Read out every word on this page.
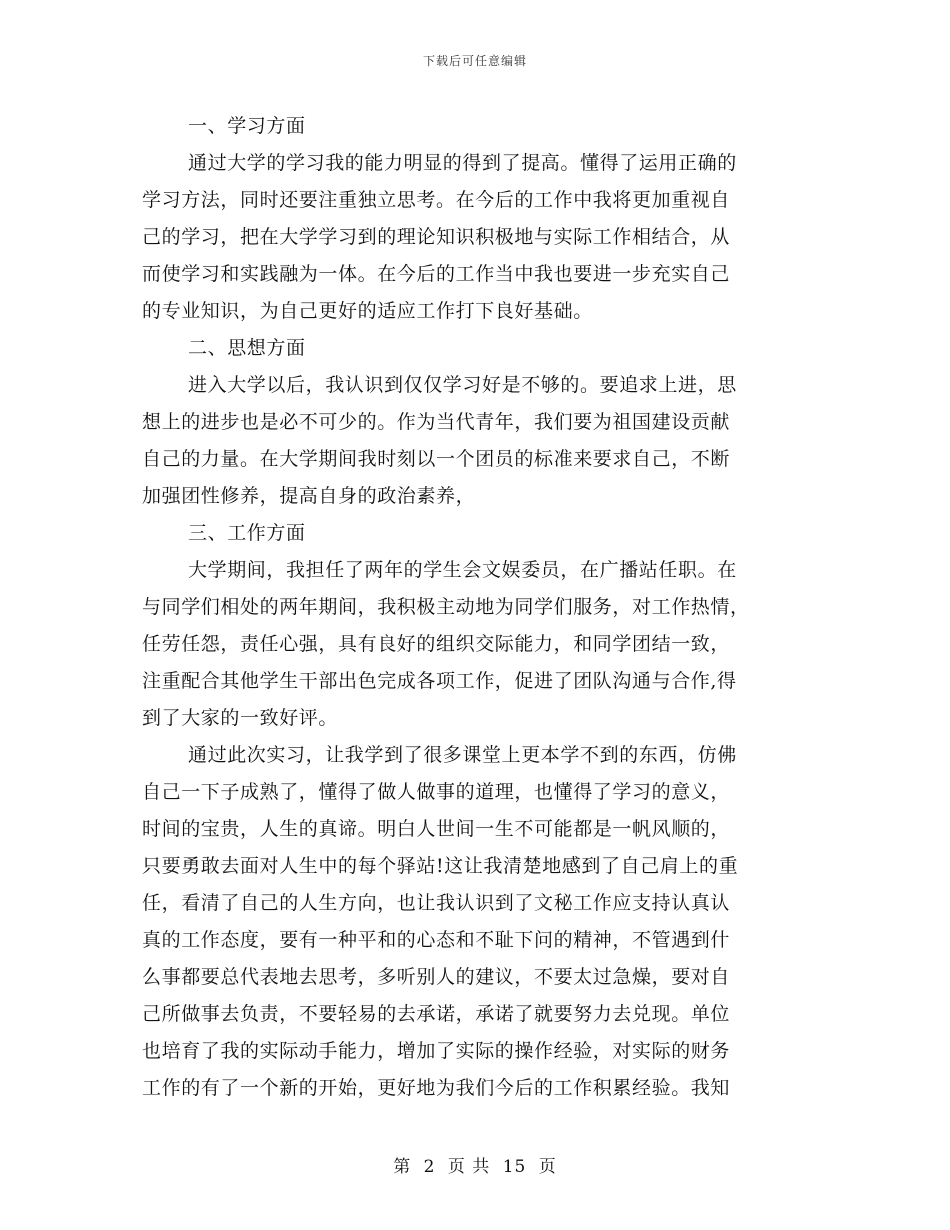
下载后可任意编辑
一、学习方面
通过大学的学习我的能力明显的得到了提高。懂得了运用正确的
学习方法，同时还要注重独立思考。在今后的工作中我将更加重视自
己的学习，把在大学学习到的理论知识积极地与实际工作相结合，从
而使学习和实践融为一体。在今后的工作当中我也要进一步充实自己
的专业知识，为自己更好的适应工作打下良好基础。
二、思想方面
进入大学以后，我认识到仅仅学习好是不够的。要追求上进，思
想上的进步也是必不可少的。作为当代青年，我们要为祖国建设贡献
自己的力量。在大学期间我时刻以一个团员的标准来要求自己，不断
加强团性修养，提高自身的政治素养，
三、工作方面
大学期间，我担任了两年的学生会文娱委员，在广播站任职。在
与同学们相处的两年期间，我积极主动地为同学们服务，对工作热情，
任劳任怨，责任心强，具有良好的组织交际能力，和同学团结一致，
注重配合其他学生干部出色完成各项工作，促进了团队沟通与合作,得
到了大家的一致好评。
通过此次实习，让我学到了很多课堂上更本学不到的东西，仿佛
自己一下子成熟了，懂得了做人做事的道理，也懂得了学习的意义，
时间的宝贵，人生的真谛。明白人世间一生不可能都是一帆风顺的，
只要勇敢去面对人生中的每个驿站!这让我清楚地感到了自己肩上的重
任，看清了自己的人生方向，也让我认识到了文秘工作应支持认真认
真的工作态度，要有一种平和的心态和不耻下问的精神，不管遇到什
么事都要总代表地去思考，多听别人的建议，不要太过急燥，要对自
己所做事去负责，不要轻易的去承诺，承诺了就要努力去兑现。单位
也培育了我的实际动手能力，增加了实际的操作经验，对实际的财务
工作的有了一个新的开始，更好地为我们今后的工作积累经验。我知
第 2 页 共 15 页
